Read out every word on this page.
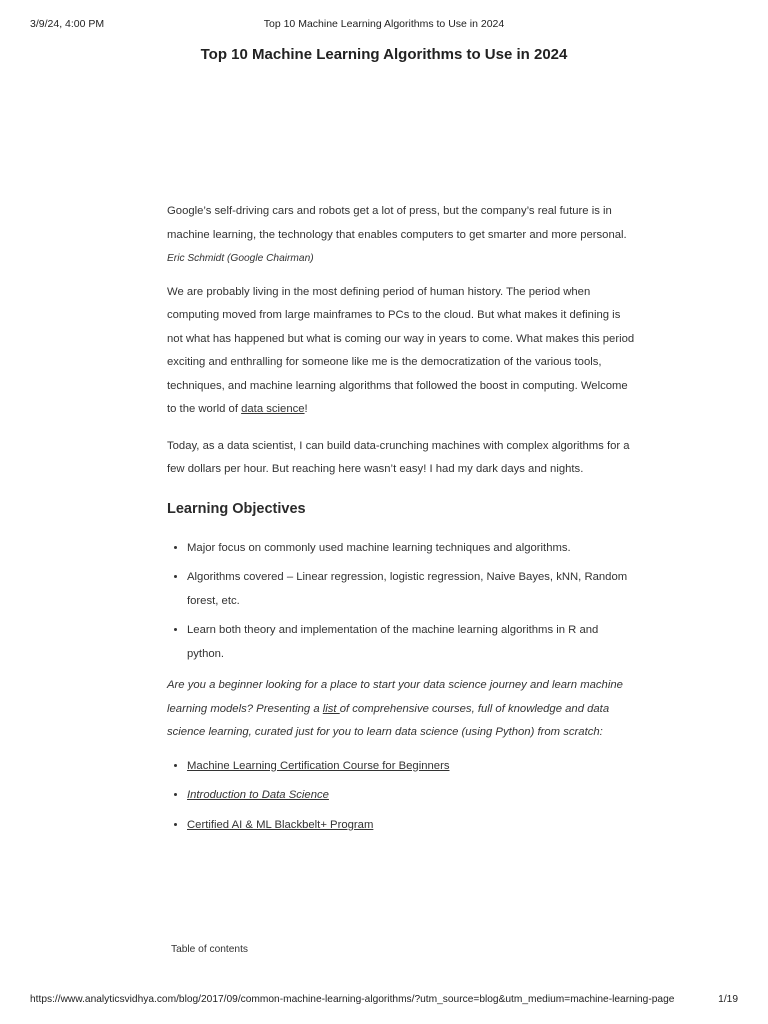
3/9/24, 4:00 PM	Top 10 Machine Learning Algorithms to Use in 2024
Top 10 Machine Learning Algorithms to Use in 2024

Google’s self-driving cars and robots get a lot of press, but the company’s real future is in machine learning, the technology that enables computers to get smarter and more personal.

Eric Schmidt (Google Chairman)

We are probably living in the most defining period of human history. The period when computing moved from large mainframes to PCs to the cloud. But what makes it defining is not what has happened but what is coming our way in years to come. What makes this period exciting and enthralling for someone like me is the democratization of the various tools, techniques, and machine learning algorithms that followed the boost in computing. Welcome to the world of data science!

Today, as a data scientist, I can build data-crunching machines with complex algorithms for a few dollars per hour. But reaching here wasn’t easy! I had my dark days and nights.

Learning Objectives
• Major focus on commonly used machine learning techniques and algorithms.
• Algorithms covered – Linear regression, logistic regression, Naive Bayes, kNN, Random forest, etc.
• Learn both theory and implementation of the machine learning algorithms in R and python.

Are you a beginner looking for a place to start your data science journey and learn machine learning models? Presenting a list of comprehensive courses, full of knowledge and data science learning, curated just for you to learn data science (using Python) from scratch:

• Machine Learning Certification Course for Beginners
• Introduction to Data Science
• Certified AI & ML Blackbelt+ Program
Table of contents
https://www.analyticsvidhya.com/blog/2017/09/common-machine-learning-algorithms/?utm_source=blog&utm_medium=machine-learning-page	1/19
